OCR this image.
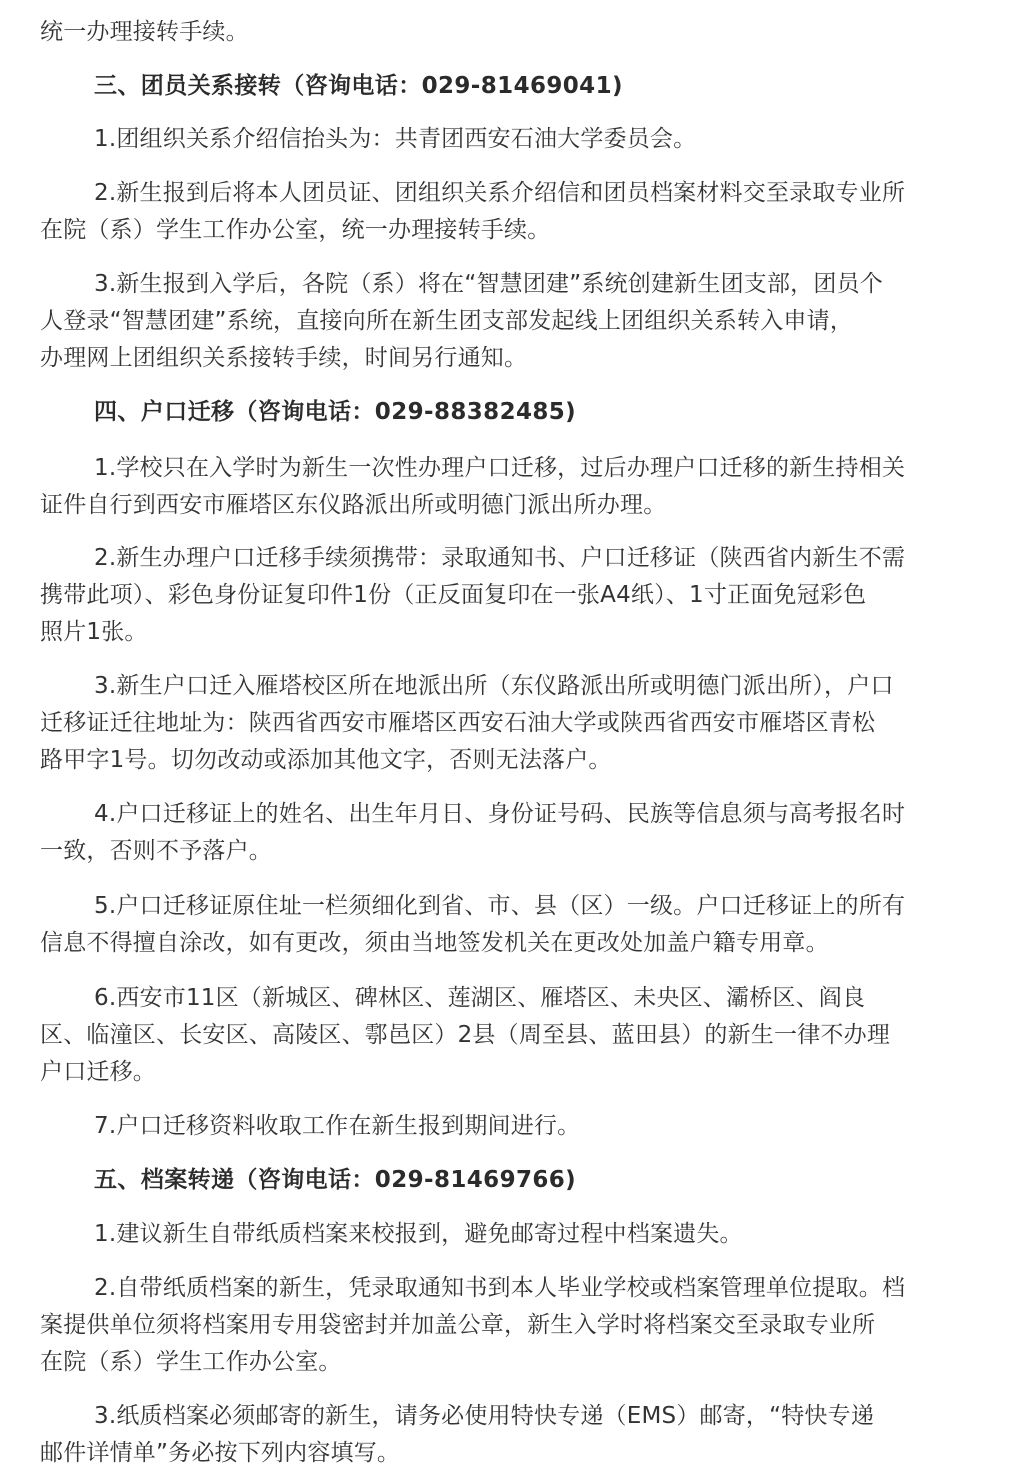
统一办理接转手续。

三、团员关系接转（咨询电话：029-81469041)

1.团组织关系介绍信抬头为：共青团西安石油大学委员会。

2.新生报到后将本人团员证、团组织关系介绍信和团员档案材料交至录取专业所
在院（系）学生工作办公室，统一办理接转手续。

3.新生报到入学后，各院（系）将在“智慧团建”系统创建新生团支部，团员个
人登录“智慧团建”系统，直接向所在新生团支部发起线上团组织关系转入申请，
办理网上团组织关系接转手续，时间另行通知。

四、户口迁移（咨询电话：029-88382485)

1.学校只在入学时为新生一次性办理户口迁移，过后办理户口迁移的新生持相关
证件自行到西安市雁塔区东仪路派出所或明德门派出所办理。

2.新生办理户口迁移手续须携带：录取通知书、户口迁移证（陕西省内新生不需
携带此项）、彩色身份证复印件1份（正反面复印在一张A4纸）、1寸正面免冠彩色
照片1张。

3.新生户口迁入雁塔校区所在地派出所（东仪路派出所或明德门派出所），户口
迁移证迁往地址为：陕西省西安市雁塔区西安石油大学或陕西省西安市雁塔区青松
路甲字1号。切勿改动或添加其他文字，否则无法落户。

4.户口迁移证上的姓名、出生年月日、身份证号码、民族等信息须与高考报名时
一致，否则不予落户。

5.户口迁移证原住址一栏须细化到省、市、县（区）一级。户口迁移证上的所有
信息不得擅自涂改，如有更改，须由当地签发机关在更改处加盖户籍专用章。

6.西安市11区（新城区、碑林区、莲湖区、雁塔区、未央区、灞桥区、阎良
区、临潼区、长安区、高陵区、鄠邑区）2县（周至县、蓝田县）的新生一律不办理
户口迁移。

7.户口迁移资料收取工作在新生报到期间进行。

五、档案转递（咨询电话：029-81469766)

1.建议新生自带纸质档案来校报到，避免邮寄过程中档案遗失。

2.自带纸质档案的新生，凭录取通知书到本人毕业学校或档案管理单位提取。档
案提供单位须将档案用专用袋密封并加盖公章，新生入学时将档案交至录取专业所
在院（系）学生工作办公室。

3.纸质档案必须邮寄的新生，请务必使用特快专递（EMS）邮寄，“特快专递
邮件详情单”务必按下列内容填写。
